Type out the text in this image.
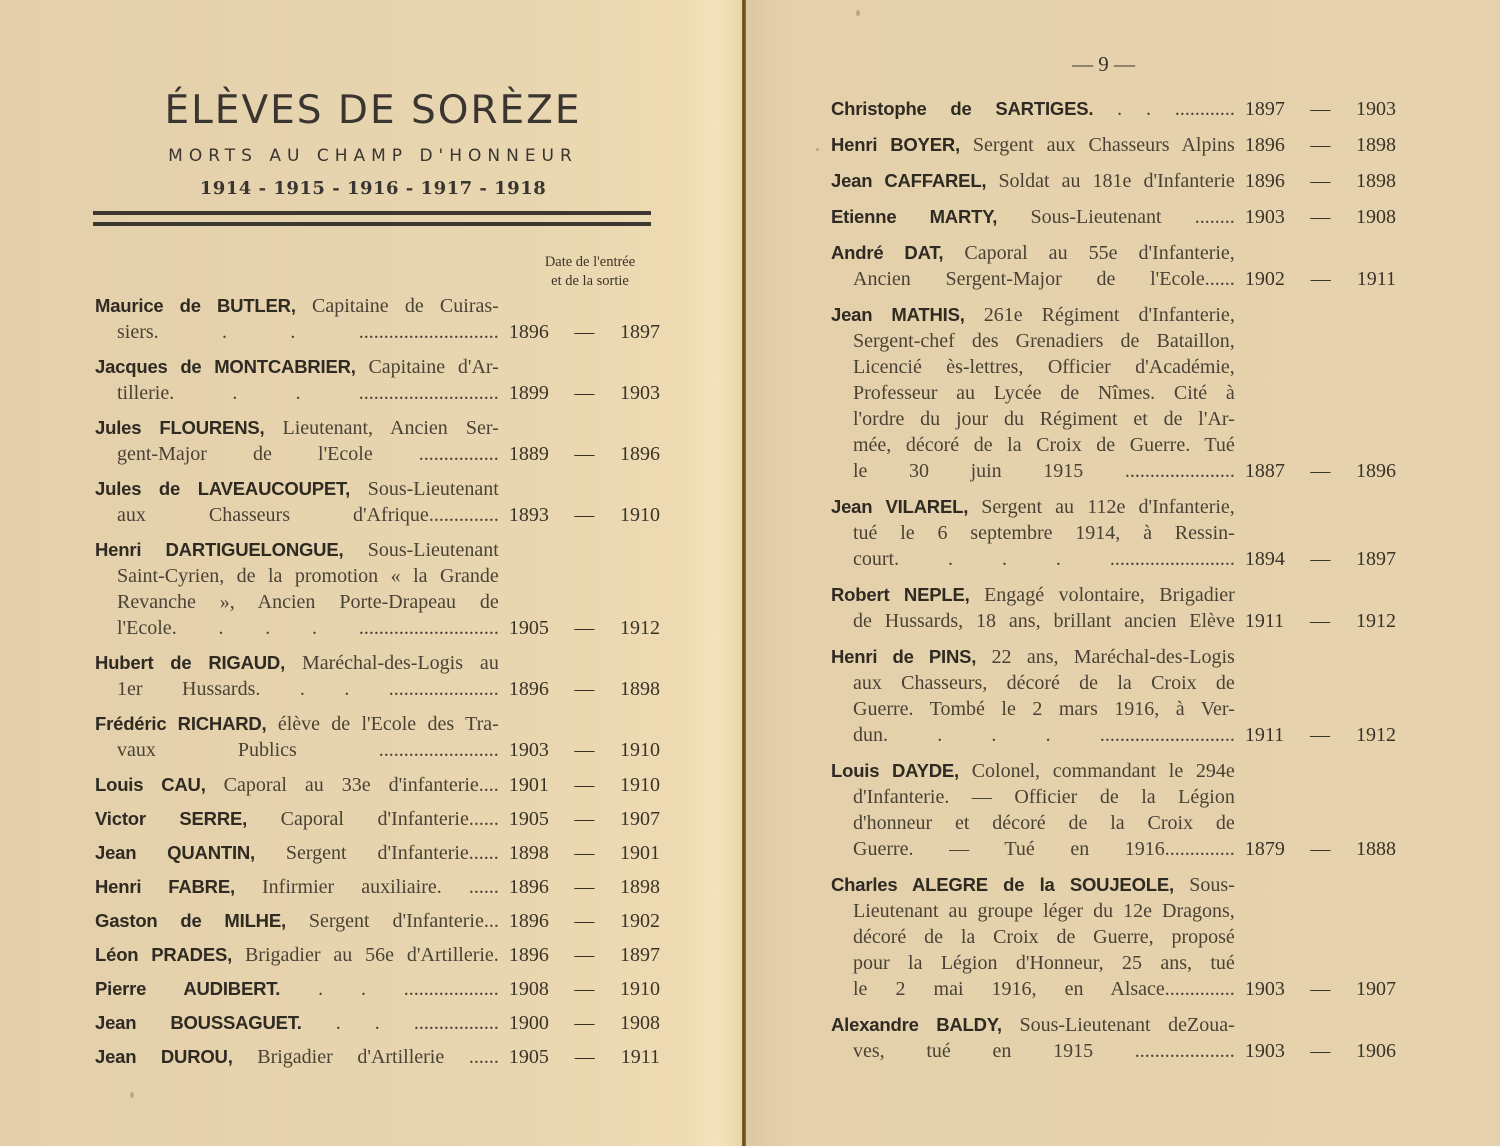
ÉLÈVES DE SORÈZE
MORTS AU CHAMP D'HONNEUR
1914 - 1915 - 1916 - 1917 - 1918
Date de l'entrée
et de la sortie
Maurice de BUTLER, Capitaine de Cuiras-
siers. . . ............................ 1896 — 1897
Jacques de MONTCABRIER, Capitaine d'Ar-
tillerie. . . ............................ 1899 — 1903
Jules FLOURENS, Lieutenant, Ancien Ser-
gent-Major de l'Ecole ................ 1889 — 1896
Jules de LAVEAUCOUPET, Sous-Lieutenant
aux Chasseurs d'Afrique.............. 1893 — 1910
Henri DARTIGUELONGUE, Sous-Lieutenant
Saint-Cyrien, de la promotion « la Grande
Revanche », Ancien Porte-Drapeau de
l'Ecole. . . . ............................ 1905 — 1912
Hubert de RIGAUD, Maréchal-des-Logis au
1er Hussards. . . ...................... 1896 — 1898
Frédéric RICHARD, élève de l'Ecole des Tra-
vaux Publics ........................ 1903 — 1910
Louis CAU, Caporal au 33e d'infanterie.... 1901 — 1910
Victor SERRE, Caporal d'Infanterie...... 1905 — 1907
Jean QUANTIN, Sergent d'Infanterie...... 1898 — 1901
Henri FABRE, Infirmier auxiliaire. ...... 1896 — 1898
Gaston de MILHE, Sergent d'Infanterie... 1896 — 1902
Léon PRADES, Brigadier au 56e d'Artillerie. 1896 — 1897
Pierre AUDIBERT. . . ................... 1908 — 1910
Jean BOUSSAGUET. . . ................. 1900 — 1908
Jean DUROU, Brigadier d'Artillerie ...... 1905 — 1911
— 9 —
Christophe de SARTIGES. . . ............ 1897 — 1903
Henri BOYER, Sergent aux Chasseurs Alpins 1896 — 1898
Jean CAFFAREL, Soldat au 181e d'Infanterie 1896 — 1898
Etienne MARTY, Sous-Lieutenant ........ 1903 — 1908
André DAT, Caporal au 55e d'Infanterie,
Ancien Sergent-Major de l'Ecole...... 1902 — 1911
Jean MATHIS, 261e Régiment d'Infanterie,
Sergent-chef des Grenadiers de Bataillon,
Licencié ès-lettres, Officier d'Académie,
Professeur au Lycée de Nîmes. Cité à
l'ordre du jour du Régiment et de l'Ar-
mée, décoré de la Croix de Guerre. Tué
le 30 juin 1915 ...................... 1887 — 1896
Jean VILAREL, Sergent au 112e d'Infanterie,
tué le 6 septembre 1914, à Ressin-
court. . . . ......................... 1894 — 1897
Robert NEPLE, Engagé volontaire, Brigadier
de Hussards, 18 ans, brillant ancien Elève 1911 — 1912
Henri de PINS, 22 ans, Maréchal-des-Logis
aux Chasseurs, décoré de la Croix de
Guerre. Tombé le 2 mars 1916, à Ver-
dun. . . . ........................... 1911 — 1912
Louis DAYDE, Colonel, commandant le 294e
d'Infanterie. — Officier de la Légion
d'honneur et décoré de la Croix de
Guerre. — Tué en 1916.............. 1879 — 1888
Charles ALEGRE de la SOUJEOLE, Sous-
Lieutenant au groupe léger du 12e Dragons,
décoré de la Croix de Guerre, proposé
pour la Légion d'Honneur, 25 ans, tué
le 2 mai 1916, en Alsace.............. 1903 — 1907
Alexandre BALDY, Sous-Lieutenant deZoua-
ves, tué en 1915 .................... 1903 — 1906
